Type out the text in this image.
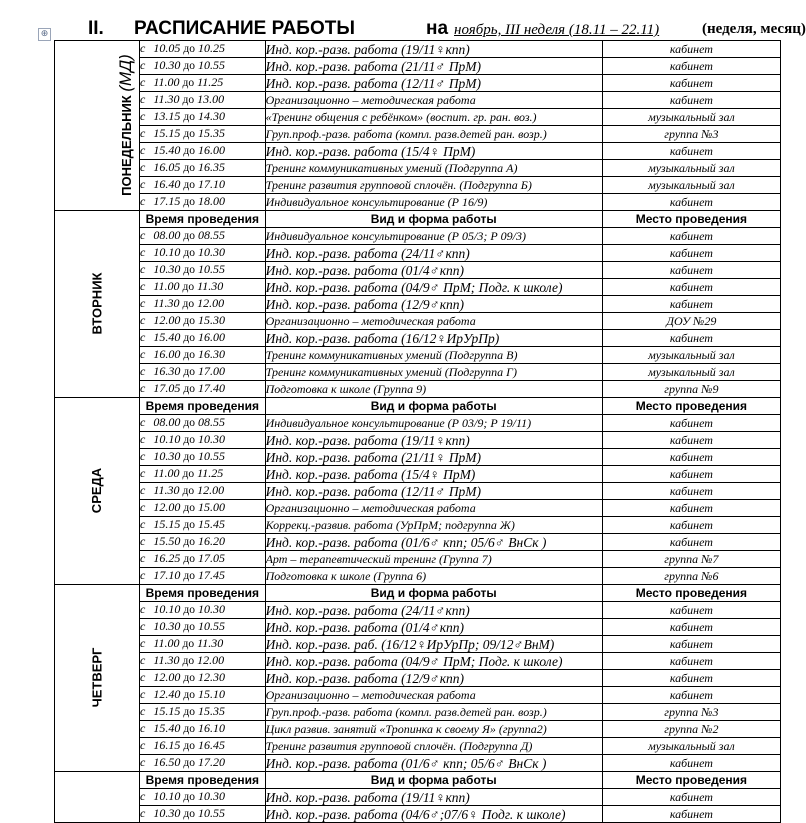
⊕ II. РАСПИСАНИЕ РАБОТЫ	на ноябрь, III неделя (18.11 – 22.11)	(неделя, месяц)
ПОНЕДЕЛЬНИК (МД)	с 10.05 до 10.25	Инд. кор.-разв. работа (19/11♀кпп)	кабинет
	с 10.30 до 10.55	Инд. кор.-разв. работа (21/11♂ ПрМ)	кабинет
	с 11.00 до 11.25	Инд. кор.-разв. работа (12/11♂ ПрМ)	кабинет
	с 11.30 до 13.00	Организационно – методическая работа	кабинет
	с 13.15 до 14.30	«Тренинг общения с ребёнком» (воспит. гр. ран. воз.)	музыкальный зал
	с 15.15 до 15.35	Груп.проф.-разв. работа (компл. разв.детей ран. возр.)	группа №3
	с 15.40 до 16.00	Инд. кор.-разв. работа (15/4♀ ПрМ)	кабинет
	с 16.05 до 16.35	Тренинг коммуникативных умений (Подгруппа А)	музыкальный зал
	с 16.40 до 17.10	Тренинг развития групповой сплочён. (Подгруппа Б)	музыкальный зал
	с 17.15 до 18.00	Индивидуальное консультирование (Р 16/9)	кабинет
ВТОРНИК	Время проведения	Вид и форма работы	Место проведения
	с 08.00 до 08.55	Индивидуальное консультирование (Р 05/3; Р 09/3)	кабинет
	с 10.10 до 10.30	Инд. кор.-разв. работа (24/11♂кпп)	кабинет
	с 10.30 до 10.55	Инд. кор.-разв. работа (01/4♂кпп)	кабинет
	с 11.00 до 11.30	Инд. кор.-разв. работа (04/9♂ ПрМ; Подг. к школе)	кабинет
	с 11.30 до 12.00	Инд. кор.-разв. работа (12/9♂кпп)	кабинет
	с 12.00 до 15.30	Организационно – методическая работа	ДОУ №29
	с 15.40 до 16.00	Инд. кор.-разв. работа (16/12♀ИрУрПр)	кабинет
	с 16.00 до 16.30	Тренинг коммуникативных умений (Подгруппа В)	музыкальный зал
	с 16.30 до 17.00	Тренинг коммуникативных умений (Подгруппа Г)	музыкальный зал
	с 17.05 до 17.40	Подготовка к школе (Группа 9)	группа №9
СРЕДА	Время проведения	Вид и форма работы	Место проведения
	с 08.00 до 08.55	Индивидуальное консультирование (Р 03/9; Р 19/11)	кабинет
	с 10.10 до 10.30	Инд. кор.-разв. работа (19/11♀кпп)	кабинет
	с 10.30 до 10.55	Инд. кор.-разв. работа (21/11♀ ПрМ)	кабинет
	с 11.00 до 11.25	Инд. кор.-разв. работа (15/4♀ ПрМ)	кабинет
	с 11.30 до 12.00	Инд. кор.-разв. работа (12/11♂ ПрМ)	кабинет
	с 12.00 до 15.00	Организационно – методическая работа	кабинет
	с 15.15 до 15.45	Коррекц.-развив. работа (УрПрМ; подгруппа Ж)	кабинет
	с 15.50 до 16.20	Инд. кор.-разв. работа (01/6♂ кпп; 05/6♂ ВнСк )	кабинет
	с 16.25 до 17.05	Арт – терапевтический тренинг (Группа 7)	группа №7
	с 17.10 до 17.45	Подготовка к школе (Группа 6)	группа №6
ЧЕТВЕРГ	Время проведения	Вид и форма работы	Место проведения
	с 10.10 до 10.30	Инд. кор.-разв. работа (24/11♂кпп)	кабинет
	с 10.30 до 10.55	Инд. кор.-разв. работа (01/4♂кпп)	кабинет
	с 11.00 до 11.30	Инд. кор.-разв. раб. (16/12♀ИрУрПр; 09/12♂ВнМ)	кабинет
	с 11.30 до 12.00	Инд. кор.-разв. работа (04/9♂ ПрМ; Подг. к школе)	кабинет
	с 12.00 до 12.30	Инд. кор.-разв. работа (12/9♂кпп)	кабинет
	с 12.40 до 15.10	Организационно – методическая работа	кабинет
	с 15.15 до 15.35	Груп.проф.-разв. работа (компл. разв.детей ран. возр.)	группа №3
	с 15.40 до 16.10	Цикл развив. занятий «Тропинка к своему Я» (группа2)	группа №2
	с 16.15 до 16.45	Тренинг развития групповой сплочён. (Подгруппа Д)	музыкальный зал
	с 16.50 до 17.20	Инд. кор.-разв. работа (01/6♂ кпп; 05/6♂ ВнСк )	кабинет
	Время проведения	Вид и форма работы	Место проведения
	с 10.10 до 10.30	Инд. кор.-разв. работа (19/11♀кпп)	кабинет
	с 10.30 до 10.55	Инд. кор.-разв. работа (04/6♂;07/6♀ Подг. к школе)	кабинет
